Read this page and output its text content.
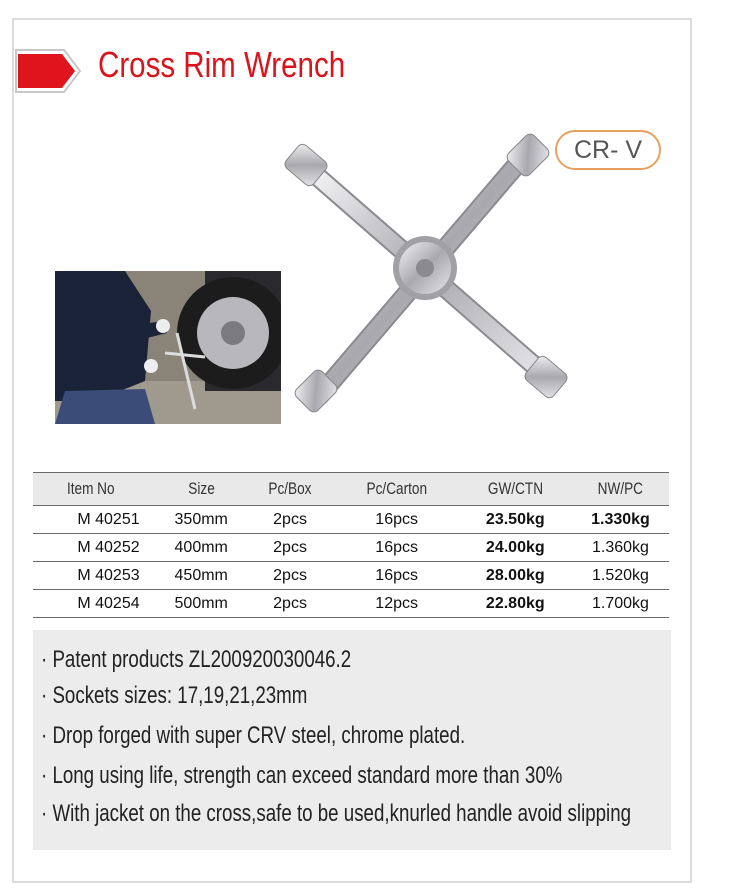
Cross Rim Wrench
CR- V
Item No	Size	Pc/Box	Pc/Carton	GW/CTN	NW/PC
M 40251	350mm	2pcs	16pcs	23.50kg	1.330kg
M 40252	400mm	2pcs	16pcs	24.00kg	1.360kg
M 40253	450mm	2pcs	16pcs	28.00kg	1.520kg
M 40254	500mm	2pcs	12pcs	22.80kg	1.700kg
· Patent products ZL200920030046.2
· Sockets sizes: 17,19,21,23mm
· Drop forged with super CRV steel, chrome plated.
· Long using life, strength can exceed standard more than 30%
· With jacket on the cross,safe to be used,knurled handle avoid slipping
